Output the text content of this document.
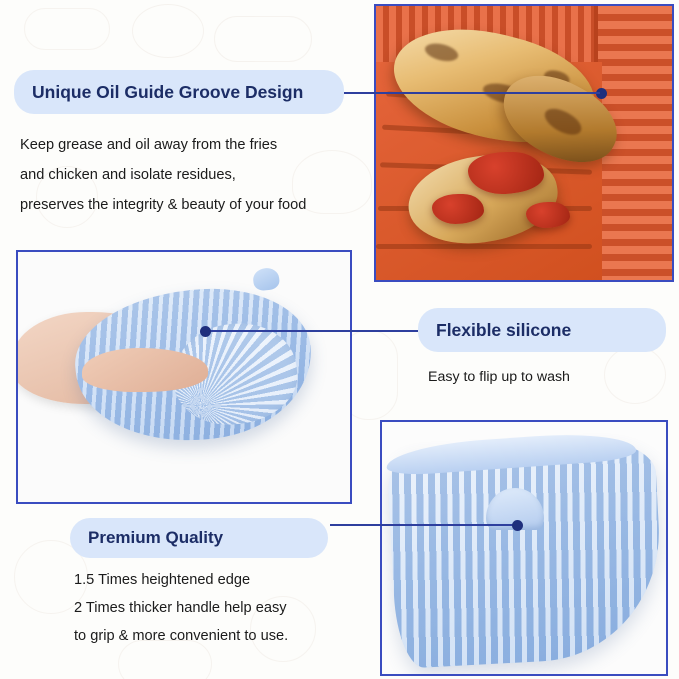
Unique Oil Guide Groove Design
Keep grease and oil away from the fries
and chicken and isolate residues,
preserves the integrity & beauty of your food
Flexible silicone
Easy to flip up to wash
Premium Quality
1.5 Times heightened edge
2 Times thicker handle help easy
to grip & more convenient to use.
